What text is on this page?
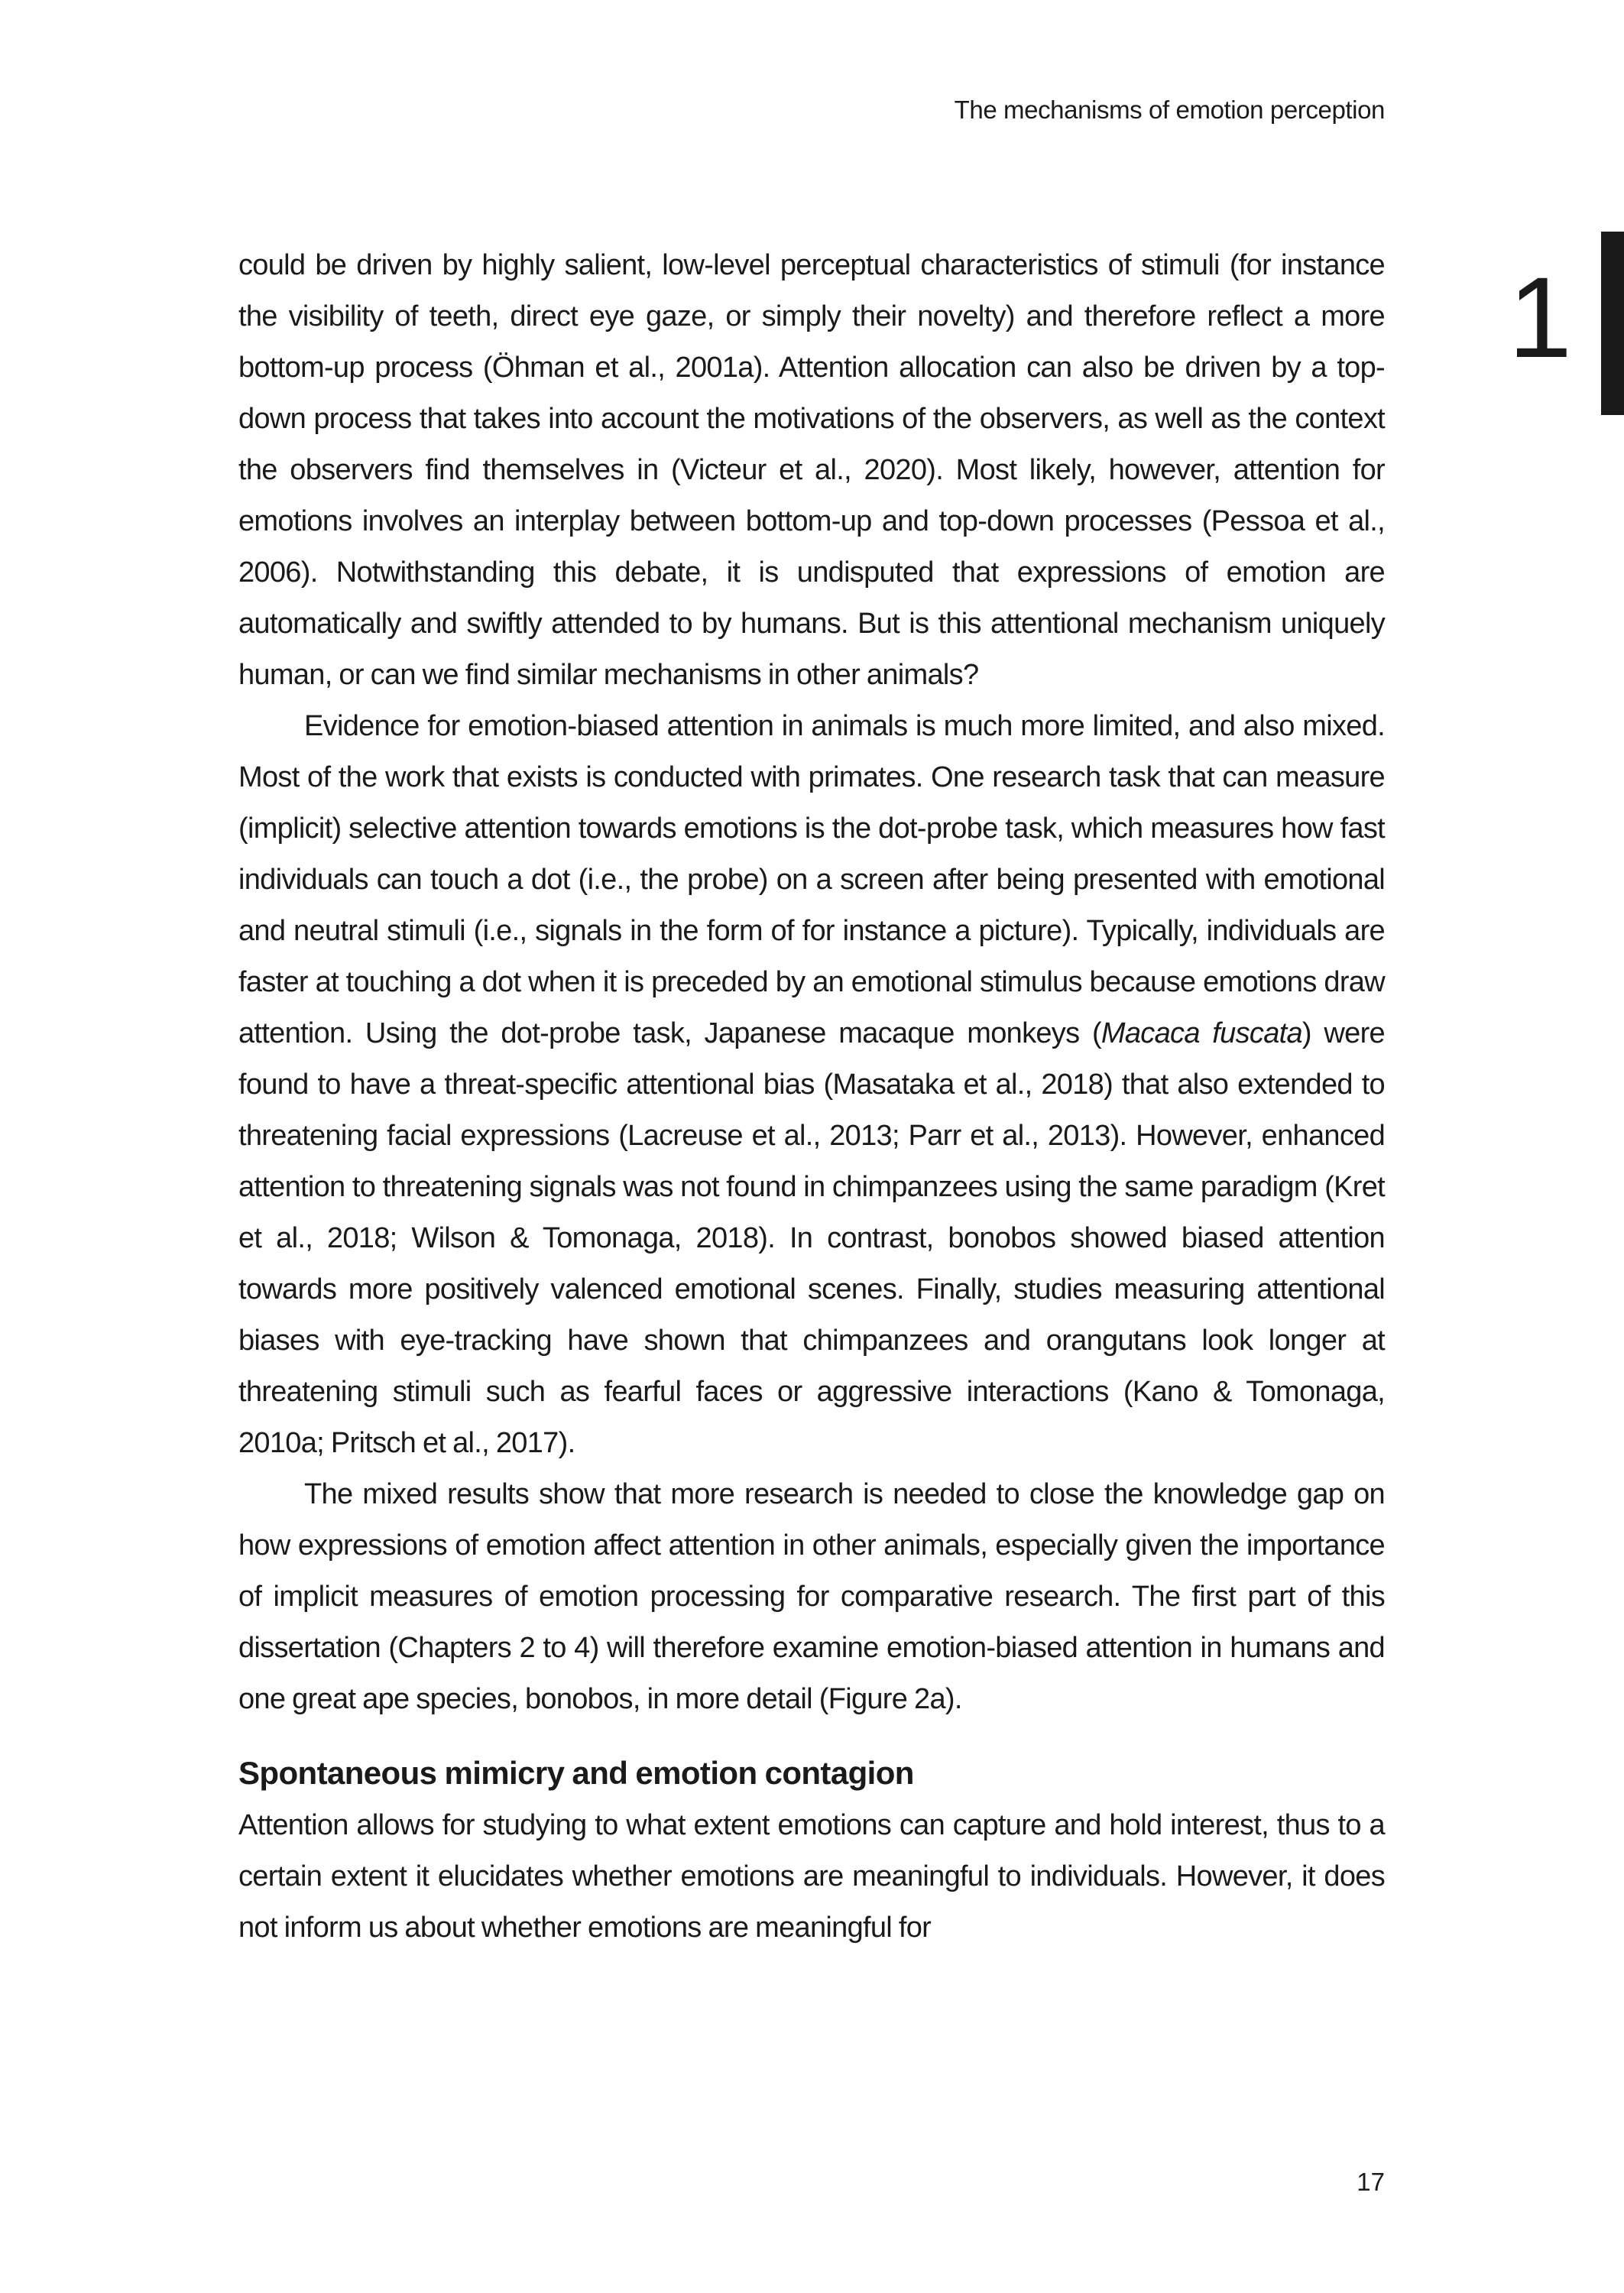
The mechanisms of emotion perception
1

could be driven by highly salient, low-level perceptual characteristics of stimuli (for instance the visibility of teeth, direct eye gaze, or simply their novelty) and therefore reflect a more bottom-up process (Öhman et al., 2001a). Attention allocation can also be driven by a top-down process that takes into account the motivations of the observers, as well as the context the observers find themselves in (Victeur et al., 2020). Most likely, however, attention for emotions involves an interplay between bottom-up and top-down processes (Pessoa et al., 2006). Notwithstanding this debate, it is undisputed that expressions of emotion are automatically and swiftly attended to by humans. But is this attentional mechanism uniquely human, or can we find similar mechanisms in other animals?

Evidence for emotion-biased attention in animals is much more limited, and also mixed. Most of the work that exists is conducted with primates. One research task that can measure (implicit) selective attention towards emotions is the dot-probe task, which measures how fast individuals can touch a dot (i.e., the probe) on a screen after being presented with emotional and neutral stimuli (i.e., signals in the form of for instance a picture). Typically, individuals are faster at touching a dot when it is preceded by an emotional stimulus because emotions draw attention. Using the dot-probe task, Japanese macaque monkeys (Macaca fuscata) were found to have a threat-specific attentional bias (Masataka et al., 2018) that also extended to threatening facial expressions (Lacreuse et al., 2013; Parr et al., 2013). However, enhanced attention to threatening signals was not found in chimpanzees using the same paradigm (Kret et al., 2018; Wilson & Tomonaga, 2018). In contrast, bonobos showed biased attention towards more positively valenced emotional scenes. Finally, studies measuring attentional biases with eye-tracking have shown that chimpanzees and orangutans look longer at threatening stimuli such as fearful faces or aggressive interactions (Kano & Tomonaga, 2010a; Pritsch et al., 2017).

The mixed results show that more research is needed to close the knowledge gap on how expressions of emotion affect attention in other animals, especially given the importance of implicit measures of emotion processing for comparative research. The first part of this dissertation (Chapters 2 to 4) will therefore examine emotion-biased attention in humans and one great ape species, bonobos, in more detail (Figure 2a).

Spontaneous mimicry and emotion contagion

Attention allows for studying to what extent emotions can capture and hold interest, thus to a certain extent it elucidates whether emotions are meaningful to individuals. However, it does not inform us about whether emotions are meaningful for

17
